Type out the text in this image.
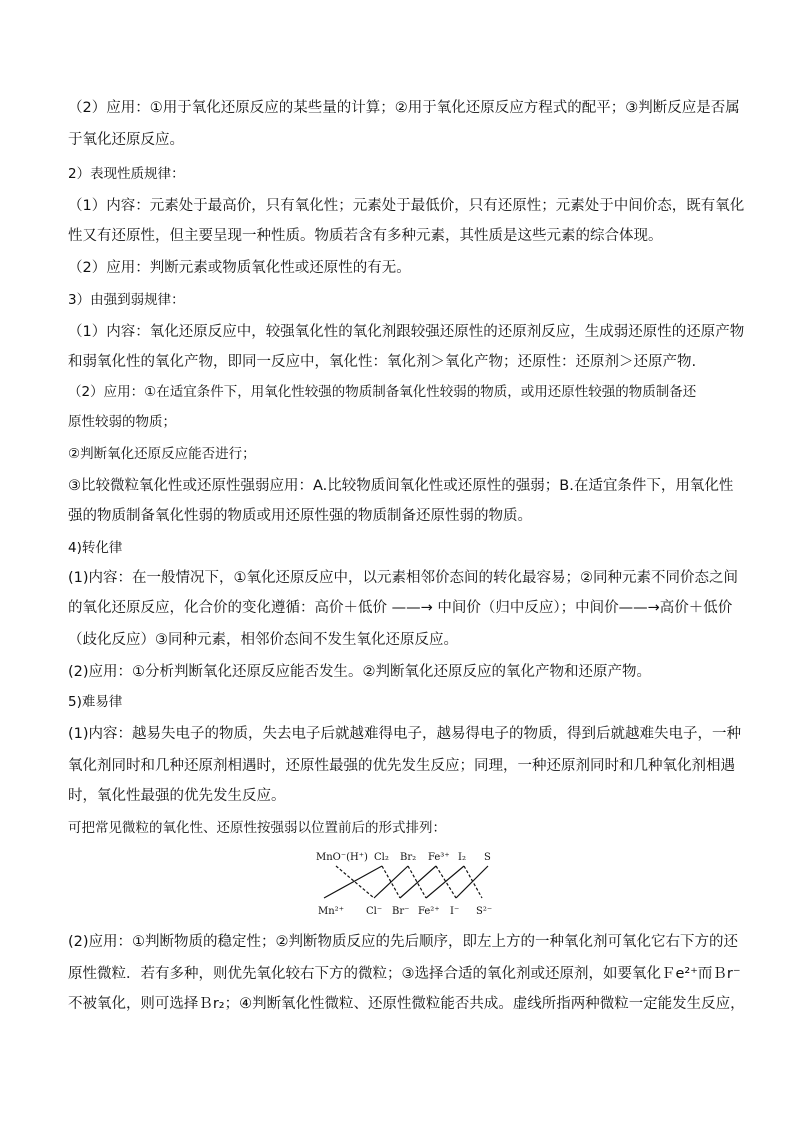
（2）应用：①用于氧化还原反应的某些量的计算；②用于氧化还原反应方程式的配平；③判断反应是否属
于氧化还原反应。
2）表现性质规律：
（1）内容：元素处于最高价，只有氧化性；元素处于最低价，只有还原性；元素处于中间价态，既有氧化
性又有还原性，但主要呈现一种性质。物质若含有多种元素，其性质是这些元素的综合体现。
（2）应用：判断元素或物质氧化性或还原性的有无。
3）由强到弱规律：
（1）内容：氧化还原反应中，较强氧化性的氧化剂跟较强还原性的还原剂反应，生成弱还原性的还原产物
和弱氧化性的氧化产物，即同一反应中，氧化性：氧化剂＞氧化产物；还原性：还原剂＞还原产物.
（2）应用：①在适宜条件下，用氧化性较强的物质制备氧化性较弱的物质，或用还原性较强的物质制备还
原性较弱的物质；
②判断氧化还原反应能否进行；
③比较微粒氧化性或还原性强弱应用：A.比较物质间氧化性或还原性的强弱；B.在适宜条件下，用氧化性
强的物质制备氧化性弱的物质或用还原性强的物质制备还原性弱的物质。
4)转化律
(1)内容：在一般情况下，①氧化还原反应中，以元素相邻价态间的转化最容易；②同种元素不同价态之间
的氧化还原反应，化合价的变化遵循：高价＋低价 ——→ 中间价（归中反应）；中间价——→高价＋低价
（歧化反应）③同种元素，相邻价态间不发生氧化还原反应。
(2)应用：①分析判断氧化还原反应能否发生。②判断氧化还原反应的氧化产物和还原产物。
5)难易律
(1)内容：越易失电子的物质，失去电子后就越难得电子，越易得电子的物质，得到后就越难失电子，一种
氧化剂同时和几种还原剂相遇时，还原性最强的优先发生反应；同理，一种还原剂同时和几种氧化剂相遇
时，氧化性最强的优先发生反应。
可把常见微粒的氧化性、还原性按强弱以位置前后的形式排列：
MnO⁻(H⁺) Cl₂ Br₂ Fe³⁺ I₂ S
Mn²⁺ Cl⁻ Br⁻ Fe²⁺ I⁻ S²⁻
(2)应用：①判断物质的稳定性；②判断物质反应的先后顺序，即左上方的一种氧化剂可氧化它右下方的还
原性微粒．若有多种，则优先氧化较右下方的微粒；③选择合适的氧化剂或还原剂，如要氧化Ｆe²⁺而Ｂr⁻
不被氧化，则可选择Ｂr₂；④判断氧化性微粒、还原性微粒能否共成。虚线所指两种微粒一定能发生反应，
